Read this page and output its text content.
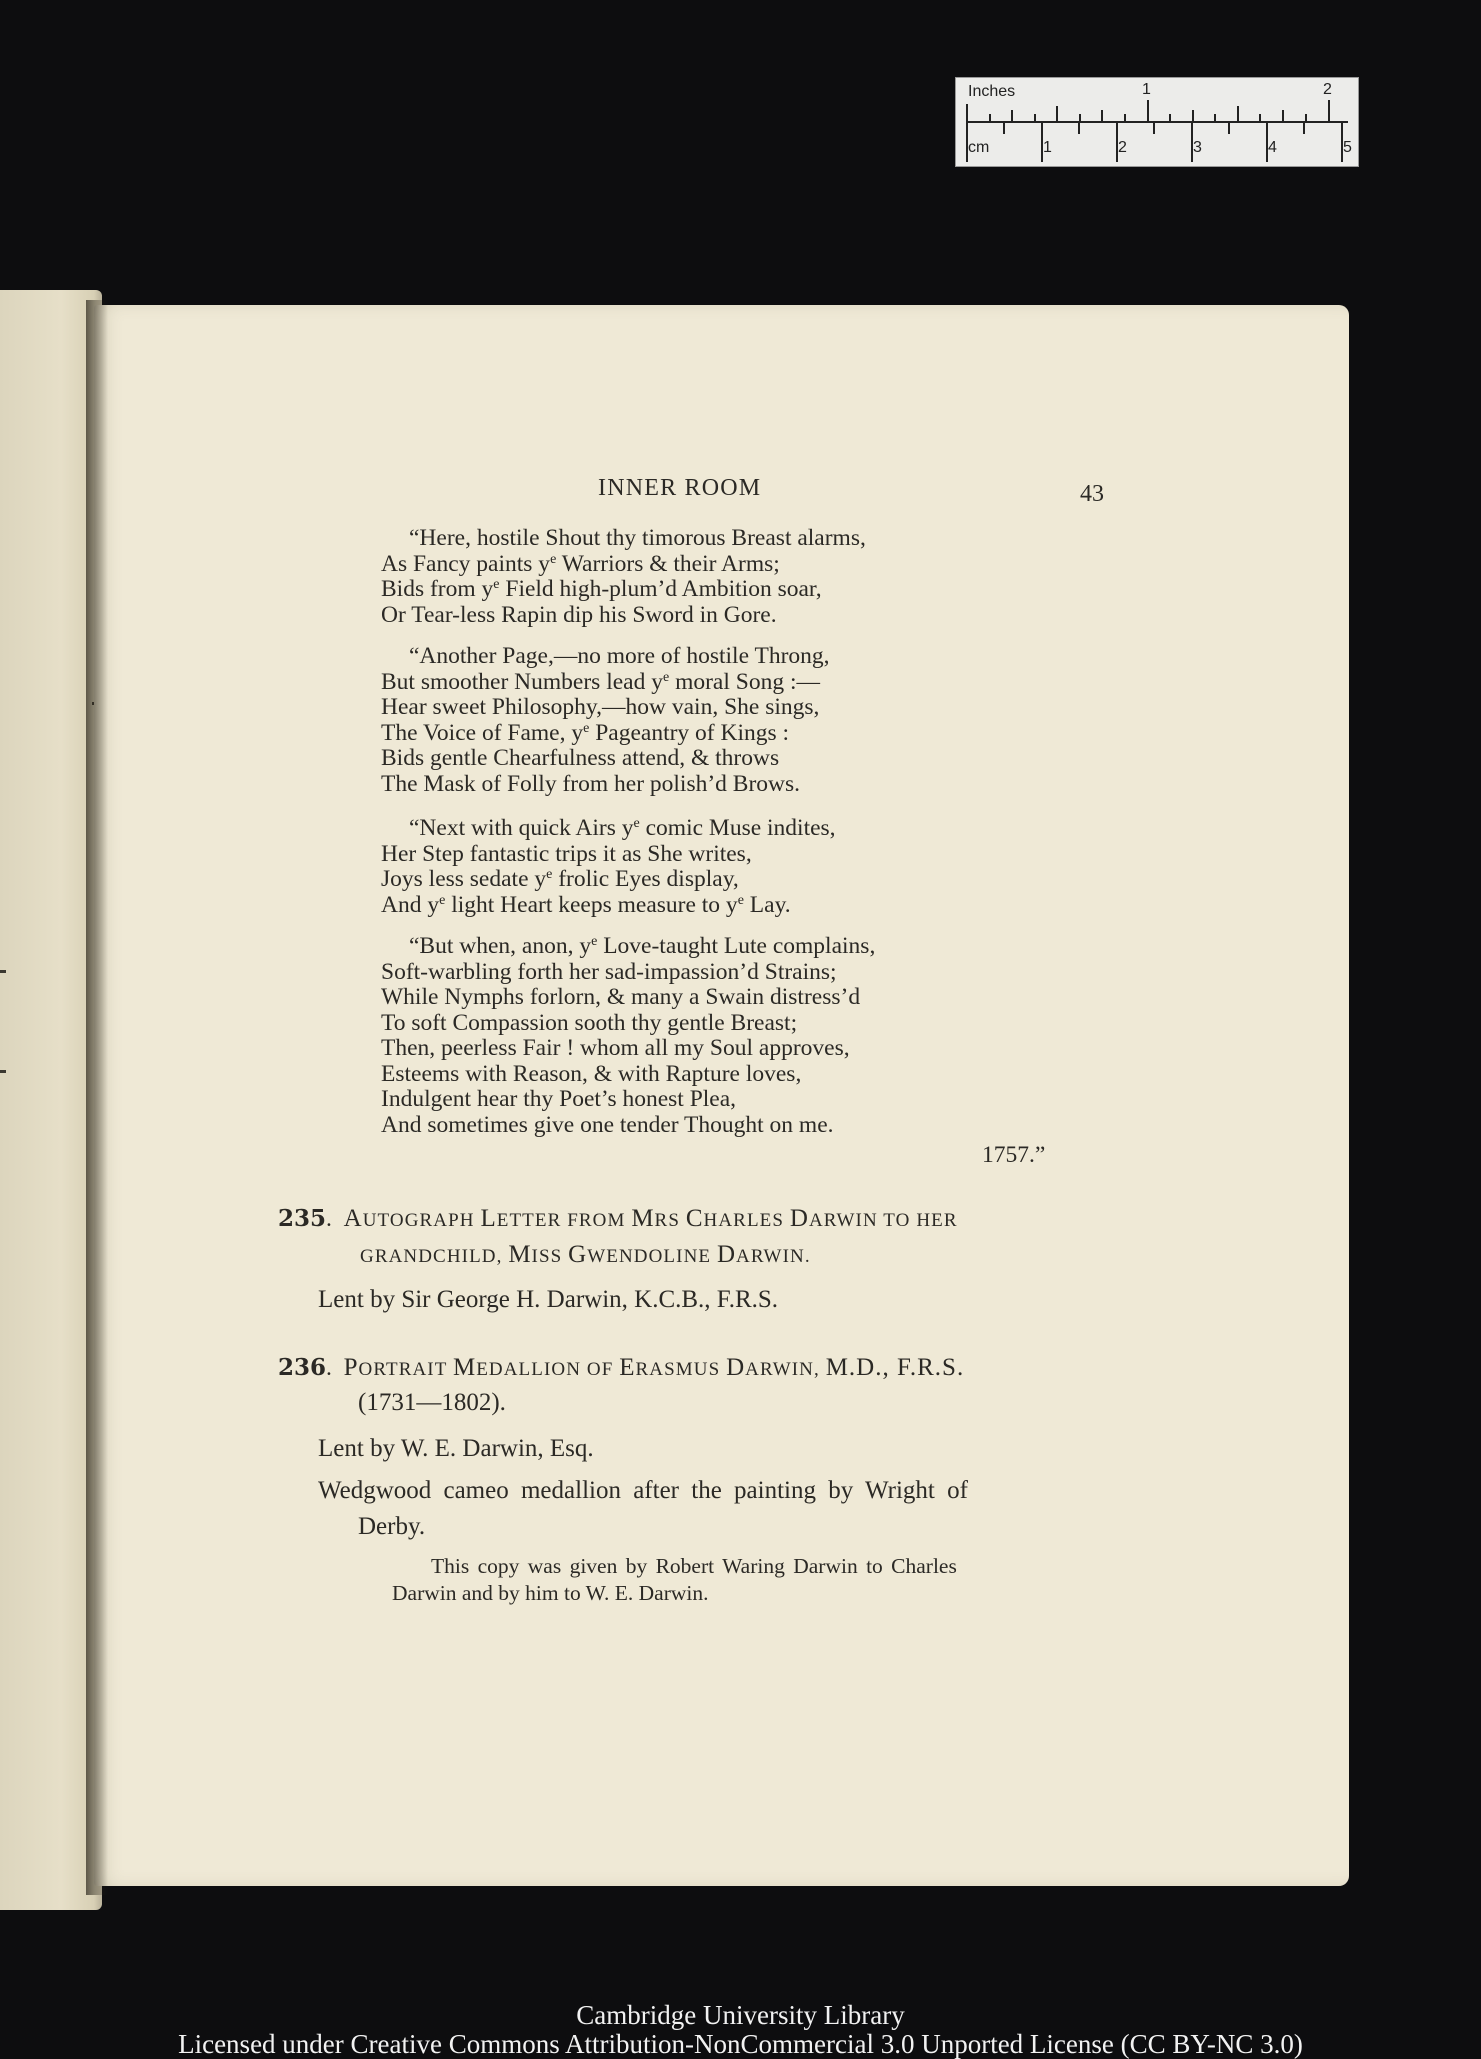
Inches
cm
1	2
1	2	3	4	5
INNER ROOM	43
“Here, hostile Shout thy timorous Breast alarms,
As Fancy paints $y^e$ Warriors & their Arms;
Bids from $y^e$ Field high-plum’d Ambition soar,
Or Tear-less Rapin dip his Sword in Gore.
“Another Page,—no more of hostile Throng,
But smoother Numbers lead $y^e$ moral Song :—
Hear sweet Philosophy,—how vain, She sings,
The Voice of Fame, $y^e$ Pageantry of Kings :
Bids gentle Chearfulness attend, & throws
The Mask of Folly from her polish’d Brows.
“Next with quick Airs $y^e$ comic Muse indites,
Her Step fantastic trips it as She writes,
Joys less sedate $y^e$ frolic Eyes display,
And $y^e$ light Heart keeps measure to $y^e$ Lay.
“But when, anon, $y^e$ Love-taught Lute complains,
Soft-warbling forth her sad-impassion’d Strains;
While Nymphs forlorn, & many a Swain distress’d
To soft Compassion sooth thy gentle Breast;
Then, peerless Fair ! whom all my Soul approves,
Esteems with Reason, & with Rapture loves,
Indulgent hear thy Poet’s honest Plea,
And sometimes give one tender Thought on me.
1757.”
235.  AUTOGRAPH LETTER FROM MRS CHARLES DARWIN TO HER
GRANDCHILD, MISS GWENDOLINE DARWIN.
Lent by Sir George H. Darwin, K.C.B., F.R.S.
236.  PORTRAIT MEDALLION OF ERASMUS DARWIN, M.D., F.R.S.
(1731—1802).
Lent by W. E. Darwin, Esq.
Wedgwood cameo medallion after the painting by Wright of
Derby.
This copy was given by Robert Waring Darwin to Charles
Darwin and by him to W. E. Darwin.
Cambridge University Library
Licensed under Creative Commons Attribution-NonCommercial 3.0 Unported License (CC BY-NC 3.0)
